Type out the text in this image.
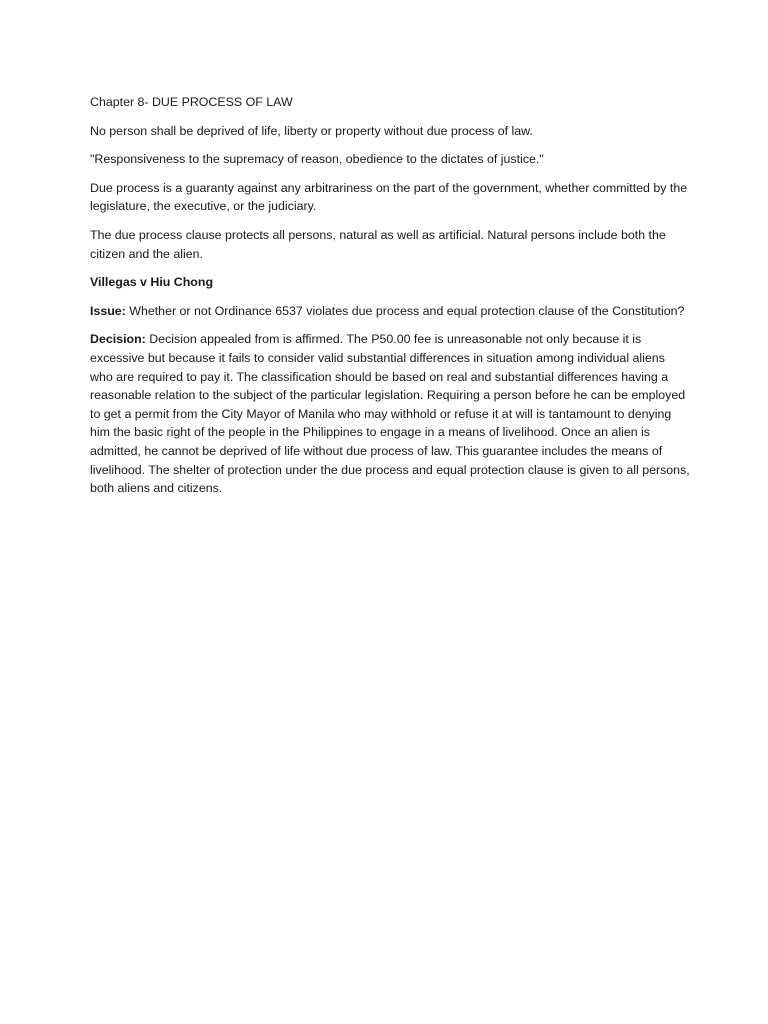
Chapter 8- DUE PROCESS OF LAW

No person shall be deprived of life, liberty or property without due process of law.

"Responsiveness to the supremacy of reason, obedience to the dictates of justice."

Due process is a guaranty against any arbitrariness on the part of the government, whether committed by the legislature, the executive, or the judiciary.

The due process clause protects all persons, natural as well as artificial. Natural persons include both the citizen and the alien.

Villegas v Hiu Chong

Issue: Whether or not Ordinance 6537 violates due process and equal protection clause of the Constitution?

Decision: Decision appealed from is affirmed. The P50.00 fee is unreasonable not only because it is excessive but because it fails to consider valid substantial differences in situation among individual aliens who are required to pay it. The classification should be based on real and substantial differences having a reasonable relation to the subject of the particular legislation. Requiring a person before he can be employed to get a permit from the City Mayor of Manila who may withhold or refuse it at will is tantamount to denying him the basic right of the people in the Philippines to engage in a means of livelihood. Once an alien is admitted, he cannot be deprived of life without due process of law. This guarantee includes the means of livelihood. The shelter of protection under the due process and equal protection clause is given to all persons, both aliens and citizens.
